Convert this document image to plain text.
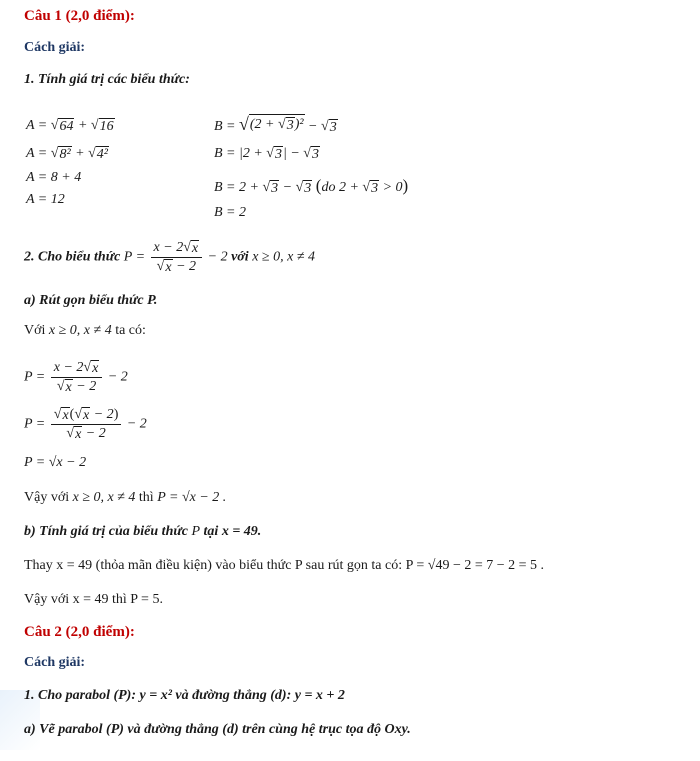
Câu 1 (2,0 điểm):
Cách giải:
1. Tính giá trị các biểu thức:
A = √ 64 + √ 16
A = √ 8² + √ 4²
A = 8 + 4
A = 12
B = √ (2 + √ 3 )² − √ 3
B = |2 + √ 3 | − √ 3
B = 2 + √ 3 − √ 3 (do 2 + √ 3 > 0)
B = 2
2. Cho biểu thức $P = \frac{x - 2 √ x}{√ x - 2} - 2$ với x ≥ 0, x ≠ 4
a) Rút gọn biểu thức P.
Với x ≥ 0, x ≠ 4 ta có:
$P = \frac{x - 2 √ x}{√ x - 2} - 2$
$P = \frac{√ x ( √ x - 2)}{√ x - 2} - 2$
P = √x − 2
Vậy với x ≥ 0, x ≠ 4 thì P = √x − 2 .
b) Tính giá trị của biểu thức P tại x = 49.
Thay x = 49 (thỏa mãn điều kiện) vào biểu thức P sau rút gọn ta có: P = √49 − 2 = 7 − 2 = 5 .
Vậy với x = 49 thì P = 5.
Câu 2 (2,0 điểm):
Cách giải:
1. Cho parabol (P): y = x² và đường thẳng (d): y = x + 2
a) Vẽ parabol (P) và đường thẳng (d) trên cùng hệ trục tọa độ Oxy.
